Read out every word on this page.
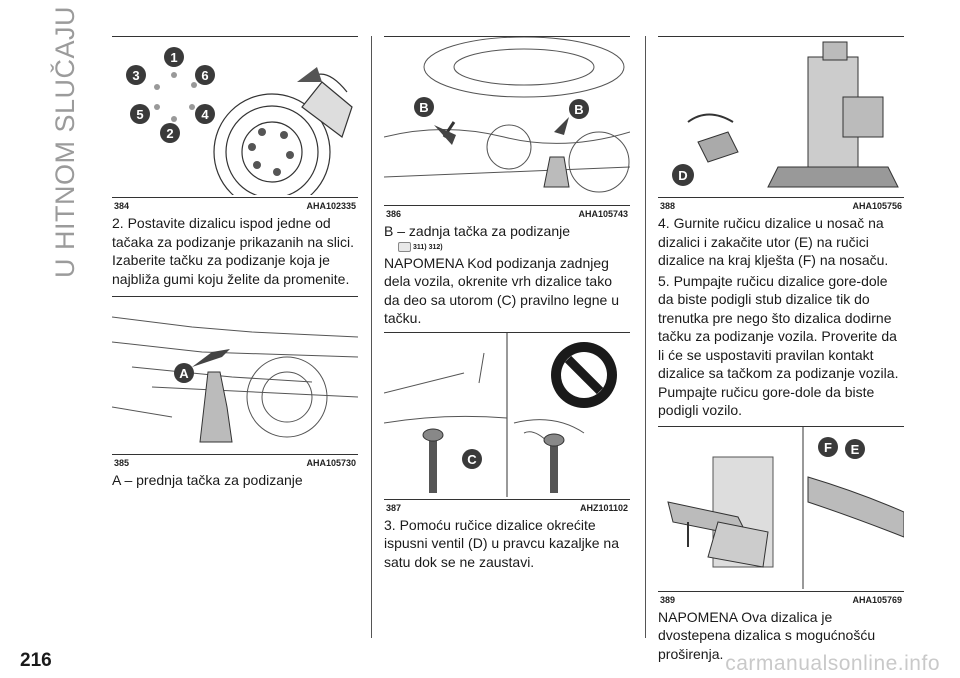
U HITNOM SLUČAJU
216	carmanualsonline.info
1
2
3
4
5
6
384	AHA102335

2. Postavite dizalicu ispod jedne od tačaka za podizanje prikazanih na slici. Izaberite tačku za podizanje koja je najbliža gumi koju želite da promenite.

A
385	AHA105730

A – prednja tačka za podizanje

B	B
386	AHA105743

B – zadnja tačka za podizanje

311) 312)

NAPOMENA Kod podizanja zadnjeg dela vozila, okrenite vrh dizalice tako da deo sa utorom (C) pravilno legne u tačku.

C
387	AHZ101102

3. Pomoću ručice dizalice okrećite ispusni ventil (D) u pravcu kazaljke na satu dok se ne zaustavi.

D
388	AHA105756

4. Gurnite ručicu dizalice u nosač na dizalici i zakačite utor (E) na ručici dizalice na kraj klješta (F) na nosaču.

5. Pumpajte ručicu dizalice gore-dole da biste podigli stub dizalice tik do trenutka pre nego što dizalica dodirne tačku za podizanje vozila. Proverite da li će se uspostaviti pravilan kontakt dizalice sa tačkom za podizanje vozila. Pumpajte ručicu gore-dole da biste podigli vozilo.

F E
389	AHA105769

NAPOMENA Ova dizalica je dvostepena dizalica s mogućnošću proširenja.
